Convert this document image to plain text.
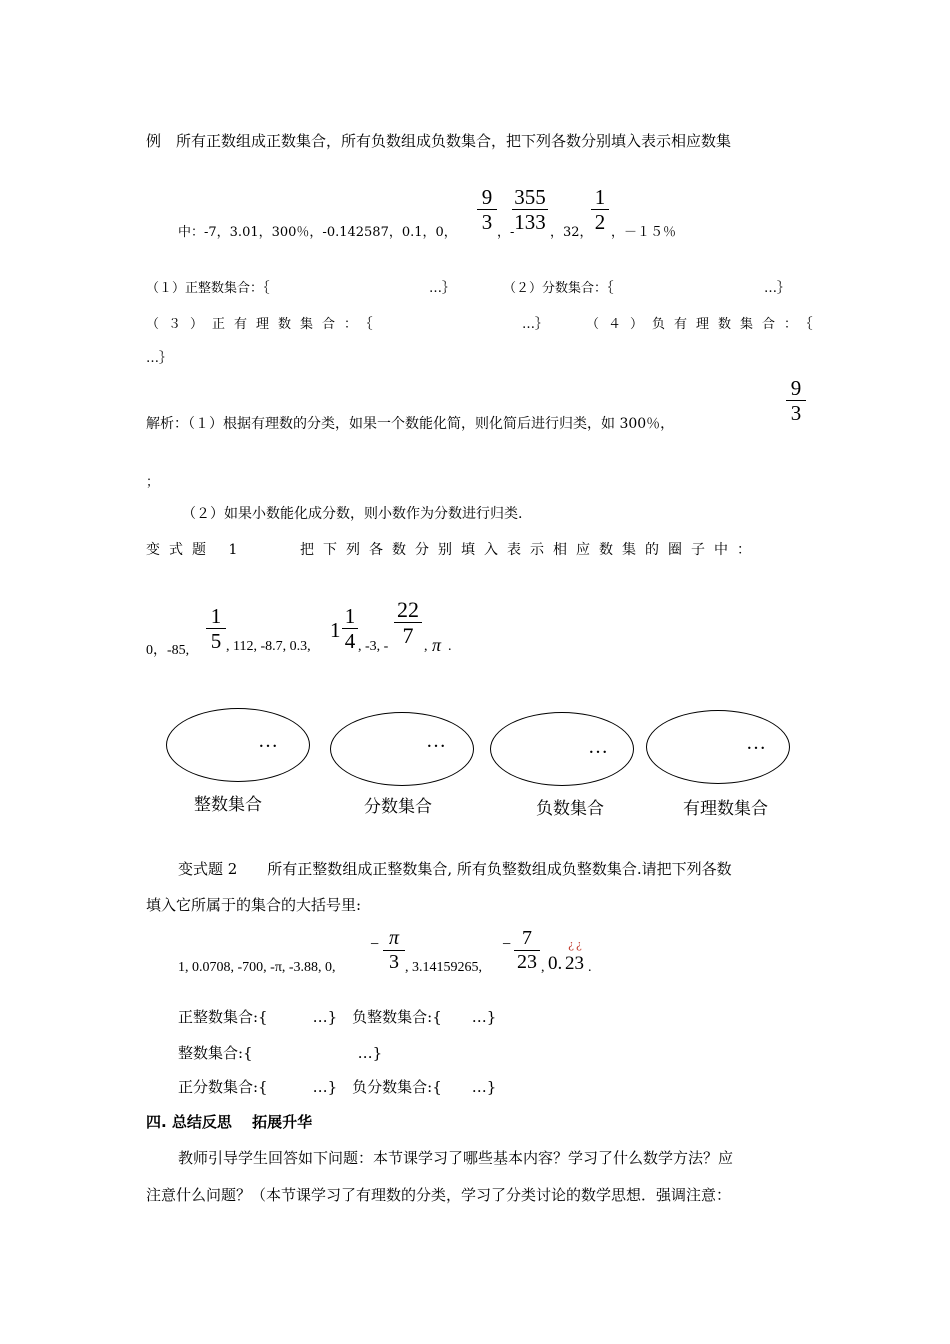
例　所有正数组成正数集合，所有负数组成负数集合，把下列各数分别填入表示相应数集
中：-7，3.01，300％，-0.142587，0.1，0，
9
3 ，-
355
133 ，32，
1
2 ，－１５％
（１）正整数集合：｛	…｝	（２）分数集合：｛	…｝
（３）正有理数集合：｛	…｝	（４）负有理数集合：｛
…｝
解析：（１）根据有理数的分类，如果一个数能化简，则化简后进行归类，如 300％，
9
3
；
（２）如果小数能化成分数，则小数作为分数进行归类.
变式题 1	把下列各数分别填入表示相应数集的圈子中：
0，-85,
1
5 , 112, -8.7, 0.3,
1
1
4 , -3, -
22
7 , π .
…
整数集合
…
分数集合
…
负数集合
…
有理数集合
变式题 2　　所有正整数组成正整数集合, 所有负整数组成负整数集合.请把下列各数
填入它所属于的集合的大括号里:
1, 0.0708, -700, -π, -3.88, 0,
− π
3 , 3.14159265,
− 7
23 , 0. 23
¿¿
.
正整数集合:{　　　…}　负整数集合:{　　…}
整数集合:{　　　　　　　…}
正分数集合:{　　　…}　负分数集合:{　　…}
四. 总结反思　 拓展升华
教师引导学生回答如下问题：本节课学习了哪些基本内容？学习了什么数学方法？应
注意什么问题？（本节课学习了有理数的分类，学习了分类讨论的数学思想．强调注意：
